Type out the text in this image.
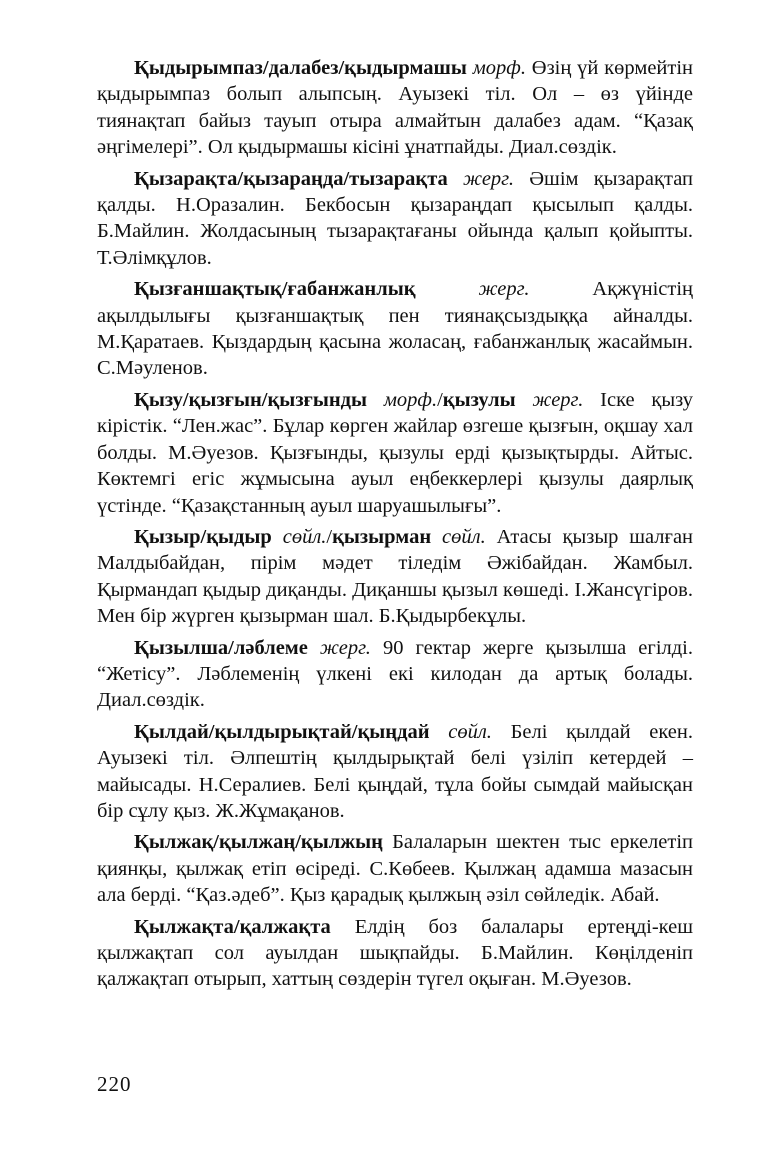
Қыдырымпаз/далабез/қыдырмашы морф. Өзің үй көрмейтін қыдырымпаз болып алыпсың. Ауызекі тіл. Ол – өз үйінде тиянақтап байыз тауып отыра алмайтын далабез адам. “Қазақ әңгімелері”. Ол қыдырмашы кісіні ұнатпайды. Диал.сөздік.

Қызарақта/қызараңда/тызарақта жерг. Әшім қызарақтап қалды. Н.Оразалин. Бекбосын қызараңдап қысылып қалды. Б.Майлин. Жолдасының тызарақтағаны ойында қалып қойыпты. Т.Әлімқұлов.

Қызғаншақтық/ғабанжанлық	жерг. Ақжүністің ақылдылығы қызғаншақтық пен тиянақсыздыққа айналды. М.Қаратаев. Қыздардың қасына жоласаң, ғабанжанлық жасаймын. С.Мәуленов.

Қызу/қызғын/қызғынды морф./қызулы жерг. Іске қызу кірістік. “Лен.жас”. Бұлар көрген жайлар өзгеше қызғын, оқшау хал болды. М.Әуезов. Қызғынды, қызулы ерді қызықтырды. Айтыс. Көктемгі егіс жұмысына ауыл еңбеккерлері қызулы даярлық үстінде. “Қазақстанның ауыл шаруашылығы”.

Қызыр/қыдыр сөйл./қызырман сөйл. Атасы қызыр шалған Малдыбайдан, пірім мәдет тіледім Әжібайдан. Жамбыл. Қырмандап қыдыр диқанды. Диқаншы қызыл көшеді. І.Жансүгіров. Мен бір жүрген қызырман шал. Б.Қыдырбекұлы.

Қызылша/ләблеме жерг. 90 гектар жерге қызылша егілді. “Жетісу”. Ләблеменің үлкені екі килодан да артық болады. Диал.сөздік.

Қылдай/қылдырықтай/қыңдай сөйл. Белі қылдай екен. Ауызекі тіл. Әлпештің қылдырықтай белі үзіліп кетердей – майысады. Н.Сералиев. Белі қыңдай, тұла бойы сымдай майысқан бір сұлу қыз. Ж.Жұмақанов.

Қылжақ/қылжаң/қылжың Балаларын шектен тыс еркелетіп қиянқы, қылжақ етіп өсіреді. С.Көбеев. Қылжаң адамша мазасын ала берді. “Қаз.әдеб”. Қыз қарадық қылжың әзіл сөйледік. Абай.

Қылжақта/қалжақта Елдің боз балалары ертеңді-кеш қылжақтап сол ауылдан шықпайды. Б.Майлин. Көңілденіп қалжақтап отырып, хаттың сөздерін түгел оқыған. М.Әуезов.

220
